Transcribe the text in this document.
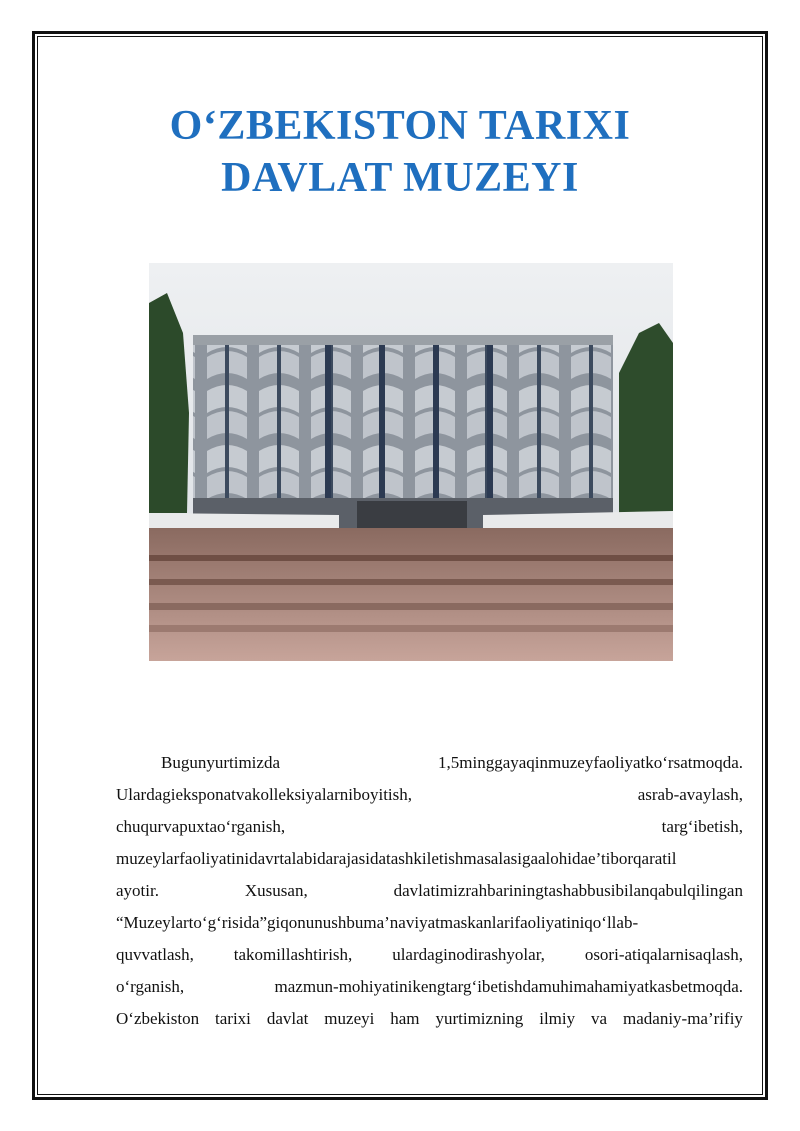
O‘ZBEKISTON TARIXI
DAVLAT MUZEYI
Bugunyurtimizda	1,5minggayaqinmuzeyfaoliyatko‘rsatmoqda.
Ulardagieksponatvakolleksiyalarniboyitish,	asrab-avaylash,
chuqurvapuxtao‘rganish,	targ‘ibetish,
muzeylarfaoliyatinidavrtalabidarajasidatashkiletishmasalasigaalohidae’tiborqaratil
ayotir.	Xususan,	davlatimizrahbariningtashabbusibilanqabulqilingan
“Muzeylarto‘g‘risida”giqonunushbuma’naviyatmaskanlarifaoliyatiniqo‘llab-
quvvatlash, takomillashtirish, ulardaginodirashyolar, osori-atiqalarnisaqlash,
o‘rganish,	mazmun-mohiyatinikengtarg‘ibetishdamuhimahamiyatkasbetmoqda.
O‘zbekiston tarixi davlat muzeyi ham yurtimizning ilmiy va madaniy-ma’rifiy
